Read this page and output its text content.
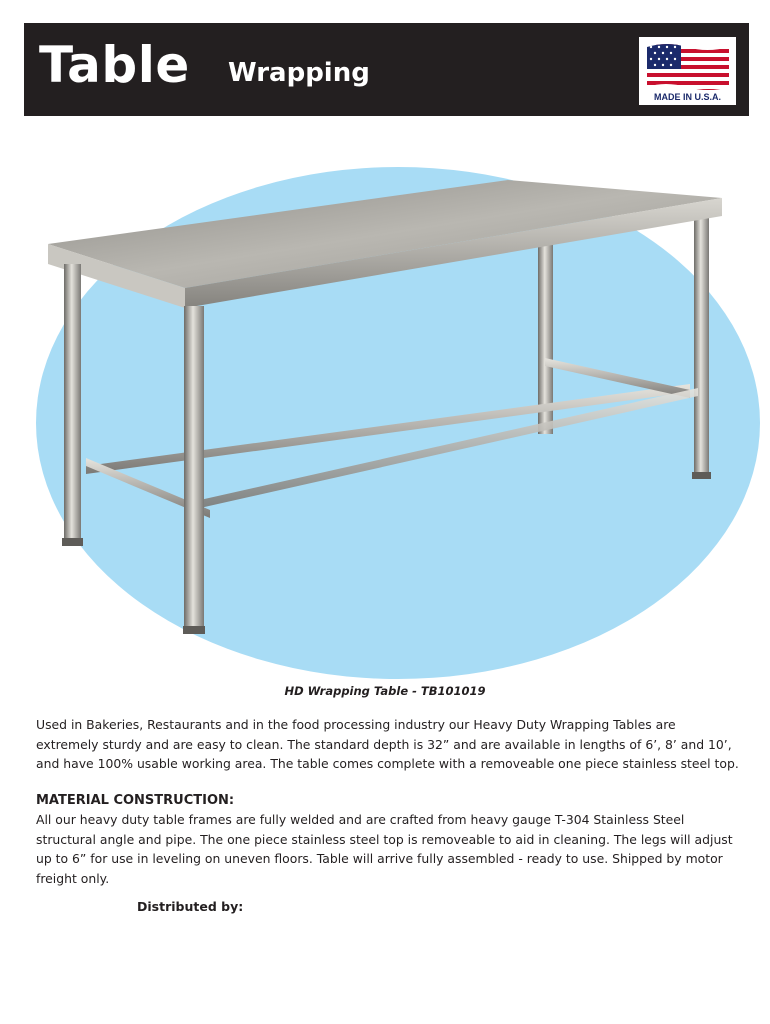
Table Wrapping
MADE IN U.S.A.
HD Wrapping Table - TB101019
Used in Bakeries, Restaurants and in the food processing industry our Heavy Duty Wrapping Tables are extremely sturdy and are easy to clean. The standard depth is 32” and are available in lengths of 6’, 8’ and 10’, and have 100% usable working area. The table comes complete with a removeable one piece stainless steel top.
MATERIAL CONSTRUCTION:
All our heavy duty table frames are fully welded and are crafted from heavy gauge T-304 Stainless Steel structural angle and pipe. The one piece stainless steel top is removeable to aid in cleaning. The legs will adjust up to 6” for use in leveling on uneven floors. Table will arrive fully assembled - ready to use. Shipped by motor freight only.
Distributed by:
